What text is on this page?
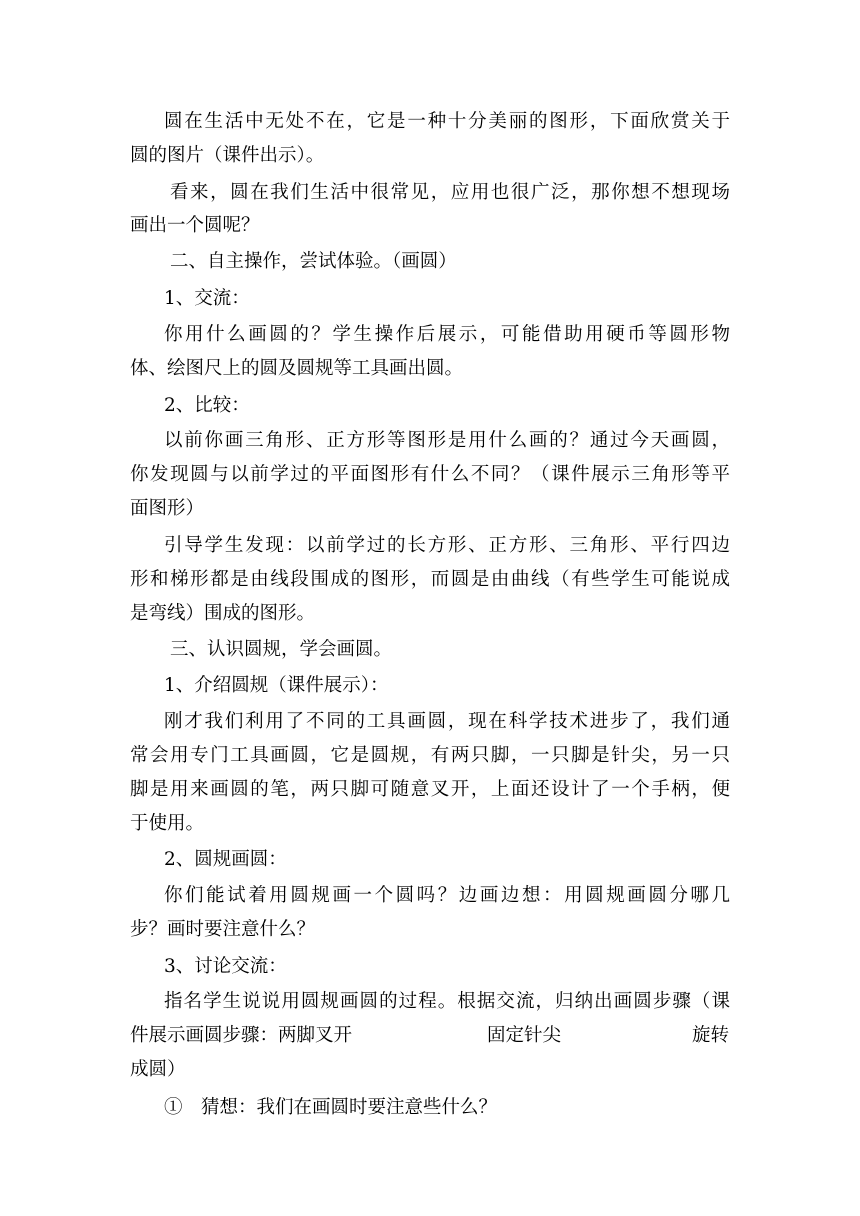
圆在生活中无处不在，它是一种十分美丽的图形，下面欣赏关于
圆的图片（课件出示）。
看来，圆在我们生活中很常见，应用也很广泛，那你想不想现场
画出一个圆呢？
二、自主操作，尝试体验。（画圆）
1、交流：
你用什么画圆的？学生操作后展示，可能借助用硬币等圆形物
体、绘图尺上的圆及圆规等工具画出圆。
2、比较：
以前你画三角形、正方形等图形是用什么画的？通过今天画圆，
你发现圆与以前学过的平面图形有什么不同？（课件展示三角形等平
面图形）
引导学生发现：以前学过的长方形、正方形、三角形、平行四边
形和梯形都是由线段围成的图形，而圆是由曲线（有些学生可能说成
是弯线）围成的图形。
三、认识圆规，学会画圆。
1、介绍圆规（课件展示）：
刚才我们利用了不同的工具画圆，现在科学技术进步了，我们通
常会用专门工具画圆，它是圆规，有两只脚，一只脚是针尖，另一只
脚是用来画圆的笔，两只脚可随意叉开，上面还设计了一个手柄，便
于使用。
2、圆规画圆：
你们能试着用圆规画一个圆吗？边画边想：用圆规画圆分哪几
步？画时要注意什么？
3、讨论交流：
指名学生说说用圆规画圆的过程。根据交流，归纳出画圆步骤（课
件展示画圆步骤：两脚叉开	固定针尖	旋转
成圆）
①　猜想：我们在画圆时要注意些什么？
